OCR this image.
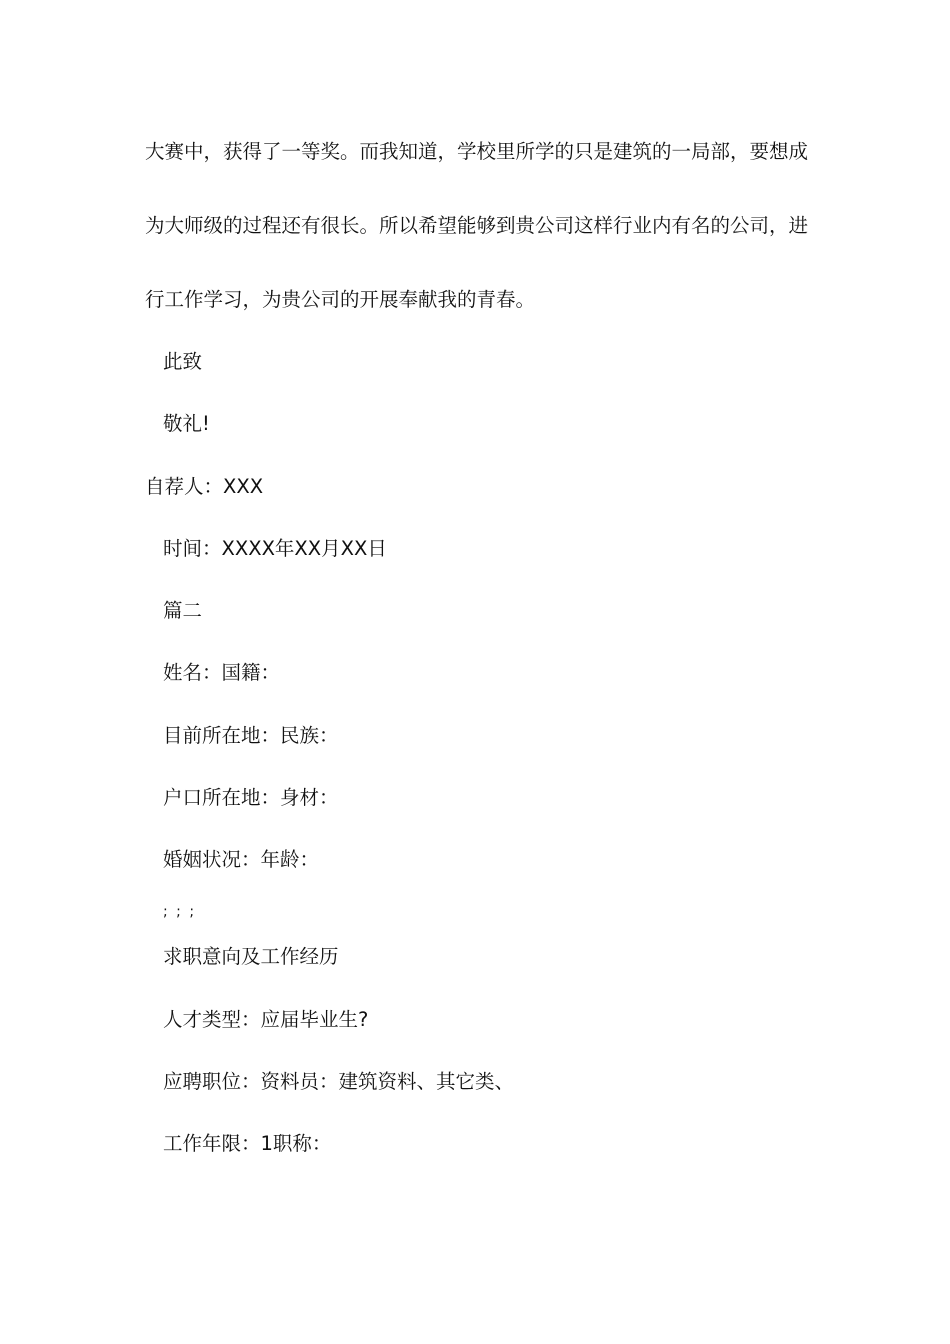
大赛中，获得了一等奖。而我知道，学校里所学的只是建筑的一局部，要想成
为大师级的过程还有很长。所以希望能够到贵公司这样行业内有名的公司，进
行工作学习，为贵公司的开展奉献我的青春。
此致
敬礼!
自荐人：XXX
时间：XXXX年XX月XX日
篇二
姓名：国籍：
目前所在地：民族：
户口所在地：身材：
婚姻状况：年龄：
; ; ;
求职意向及工作经历
人才类型：应届毕业生?
应聘职位：资料员：建筑资料、其它类、
工作年限：1职称：
